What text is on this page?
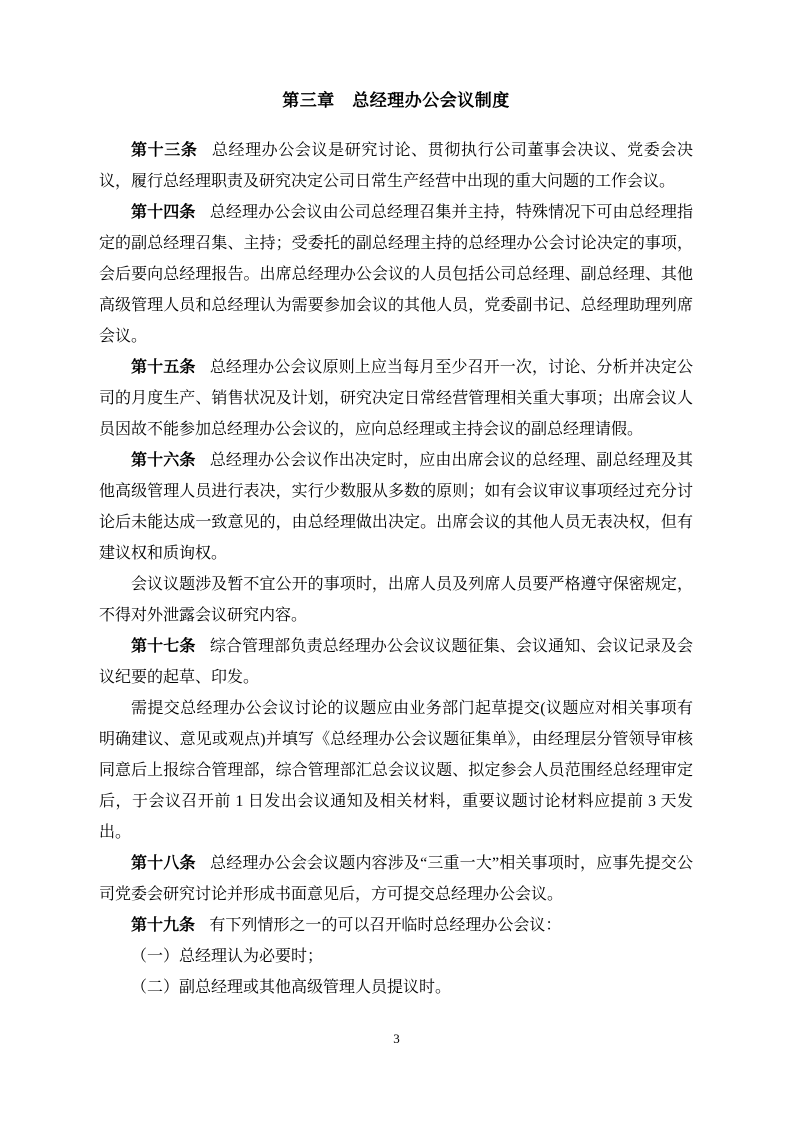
第三章　总经理办公会议制度

第十三条 总经理办公会议是研究讨论、贯彻执行公司董事会决议、党委会决议，履行总经理职责及研究决定公司日常生产经营中出现的重大问题的工作会议。

第十四条 总经理办公会议由公司总经理召集并主持，特殊情况下可由总经理指定的副总经理召集、主持；受委托的副总经理主持的总经理办公会讨论决定的事项，会后要向总经理报告。出席总经理办公会议的人员包括公司总经理、副总经理、其他高级管理人员和总经理认为需要参加会议的其他人员，党委副书记、总经理助理列席会议。

第十五条 总经理办公会议原则上应当每月至少召开一次，讨论、分析并决定公司的月度生产、销售状况及计划，研究决定日常经营管理相关重大事项；出席会议人员因故不能参加总经理办公会议的，应向总经理或主持会议的副总经理请假。

第十六条 总经理办公会议作出决定时，应由出席会议的总经理、副总经理及其他高级管理人员进行表决，实行少数服从多数的原则；如有会议审议事项经过充分讨论后未能达成一致意见的，由总经理做出决定。出席会议的其他人员无表决权，但有建议权和质询权。

会议议题涉及暂不宜公开的事项时，出席人员及列席人员要严格遵守保密规定，不得对外泄露会议研究内容。

第十七条 综合管理部负责总经理办公会议议题征集、会议通知、会议记录及会议纪要的起草、印发。

需提交总经理办公会议讨论的议题应由业务部门起草提交(议题应对相关事项有明确建议、意见或观点)并填写《总经理办公会议题征集单》，由经理层分管领导审核同意后上报综合管理部，综合管理部汇总会议议题、拟定参会人员范围经总经理审定后，于会议召开前 1 日发出会议通知及相关材料，重要议题讨论材料应提前 3 天发出。

第十八条 总经理办公会会议题内容涉及“三重一大”相关事项时，应事先提交公司党委会研究讨论并形成书面意见后，方可提交总经理办公会议。

第十九条 有下列情形之一的可以召开临时总经理办公会议：

（一）总经理认为必要时；

（二）副总经理或其他高级管理人员提议时。

3
